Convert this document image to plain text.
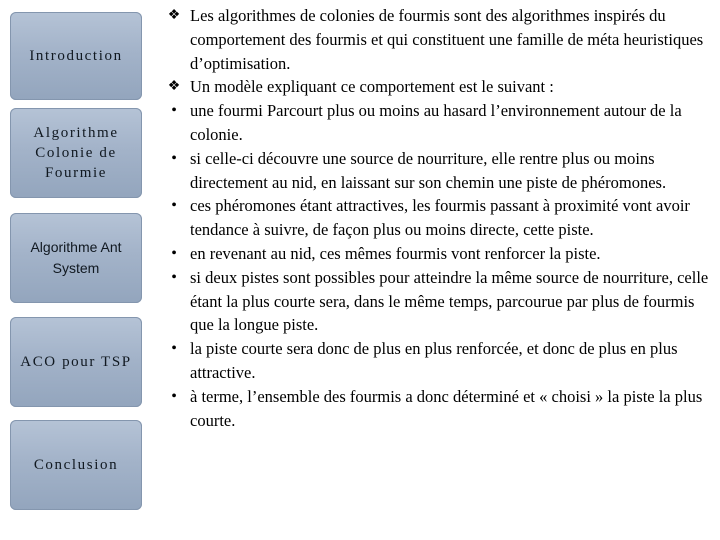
Introduction
Algorithme Colonie de Fourmie
Algorithme Ant System
ACO pour TSP
Conclusion
❖ Les algorithmes de colonies de fourmis sont des algorithmes inspirés du comportement des fourmis et qui constituent une famille de méta heuristiques d’optimisation.
❖ Un modèle expliquant ce comportement est le suivant :
• une fourmi Parcourt plus ou moins au hasard l’environnement autour de la colonie.
• si celle-ci découvre une source de nourriture, elle rentre plus ou moins directement au nid, en laissant sur son chemin une piste de phéromones.
• ces phéromones étant attractives, les fourmis passant à proximité vont avoir tendance à suivre, de façon plus ou moins directe, cette piste.
• en revenant au nid, ces mêmes fourmis vont renforcer la piste.
• si deux pistes sont possibles pour atteindre la même source de nourriture, celle étant la plus courte sera, dans le même temps, parcourue par plus de fourmis que la longue piste.
• la piste courte sera donc de plus en plus renforcée, et donc de plus en plus attractive.
• à terme, l’ensemble des fourmis a donc déterminé et « choisi » la piste la plus courte.
